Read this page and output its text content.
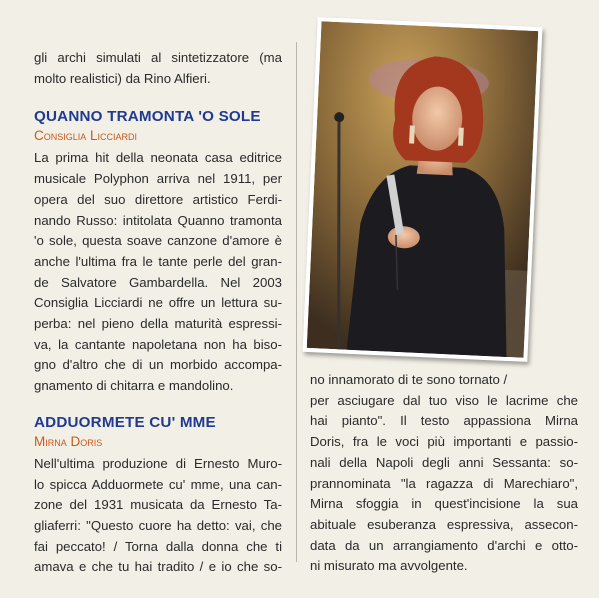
gli archi simulati al sintetizzatore (ma
molto realistici) da Rino Alfieri.

QUANNO TRAMONTA 'O SOLE
Consiglia Licciardi

La prima hit della neonata casa editrice
musicale Polyphon arriva nel 1911, per
opera del suo direttore artistico Ferdi-
nando Russo: intitolata Quanno tramonta
'o sole, questa soave canzone d'amore è
anche l'ultima fra le tante perle del gran-
de Salvatore Gambardella. Nel 2003
Consiglia Licciardi ne offre un lettura su-
perba: nel pieno della maturità espressi-
va, la cantante napoletana non ha biso-
gno d'altro che di un morbido accompa-
gnamento di chitarra e mandolino.

ADDUORMETE CU' MME
Mirna Doris

Nell'ultima produzione di Ernesto Muro-
lo spicca Adduormete cu' mme, una can-
zone del 1931 musicata da Ernesto Ta-
gliaferri: "Questo cuore ha detto: vai, che
fai peccato! / Torna dalla donna che ti
amava e che tu hai tradito / e io che so-

no innamorato di te sono tornato /
per asciugare dal tuo viso le lacrime che
hai pianto". Il testo appassiona Mirna
Doris, fra le voci più importanti e passio-
nali della Napoli degli anni Sessanta: so-
prannominata "la ragazza di Marechiaro",
Mirna sfoggia in quest'incisione la sua
abituale esuberanza espressiva, assecon-
data da un arrangiamento d'archi e otto-
ni misurato ma avvolgente.
